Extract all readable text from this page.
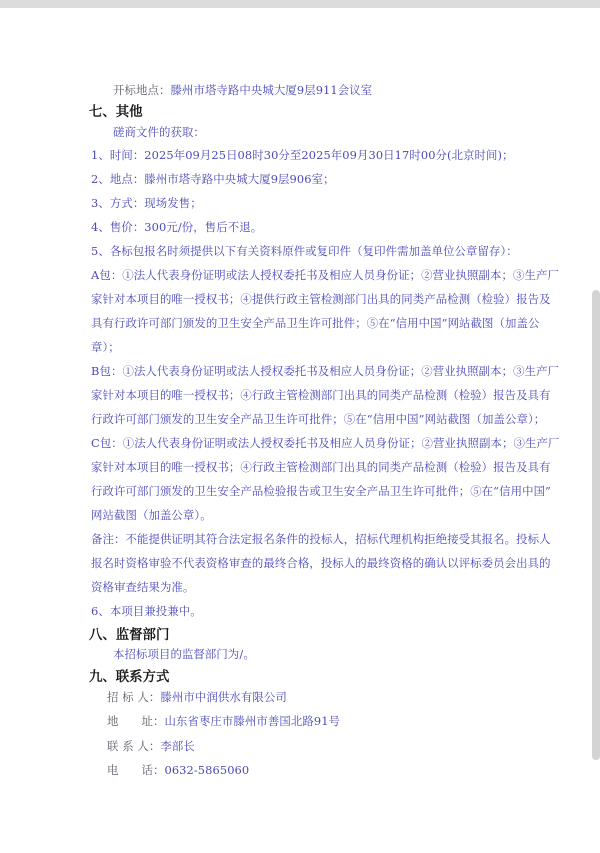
开标地点：滕州市塔寺路中央城大厦9层911会议室
七、其他
磋商文件的获取：
1、时间：2025年09月25日08时30分至2025年09月30日17时00分(北京时间)；
2、地点：滕州市塔寺路中央城大厦9层906室；
3、方式：现场发售；
4、售价：300元/份，售后不退。
5、各标包报名时须提供以下有关资料原件或复印件（复印件需加盖单位公章留存）：
A包：①法人代表身份证明或法人授权委托书及相应人员身份证；②营业执照副本；③生产厂
家针对本项目的唯一授权书；④提供行政主管检测部门出具的同类产品检测（检验）报告及
具有行政许可部门颁发的卫生安全产品卫生许可批件；⑤在“信用中国”网站截图（加盖公
章）；
B包：①法人代表身份证明或法人授权委托书及相应人员身份证；②营业执照副本；③生产厂
家针对本项目的唯一授权书；④行政主管检测部门出具的同类产品检测（检验）报告及具有
行政许可部门颁发的卫生安全产品卫生许可批件；⑤在“信用中国”网站截图（加盖公章）；
C包：①法人代表身份证明或法人授权委托书及相应人员身份证；②营业执照副本；③生产厂
家针对本项目的唯一授权书；④行政主管检测部门出具的同类产品检测（检验）报告及具有
行政许可部门颁发的卫生安全产品检验报告或卫生安全产品卫生许可批件；⑤在“信用中国”
网站截图（加盖公章）。
备注：不能提供证明其符合法定报名条件的投标人，招标代理机构拒绝接受其报名。投标人
报名时资格审验不代表资格审查的最终合格，投标人的最终资格的确认以评标委员会出具的
资格审查结果为准。
6、本项目兼投兼中。
八、监督部门
本招标项目的监督部门为/。
九、联系方式
招 标 人：滕州市中润供水有限公司
地　　址：山东省枣庄市滕州市善国北路91号
联 系 人：李部长
电　　话：0632-5865060
